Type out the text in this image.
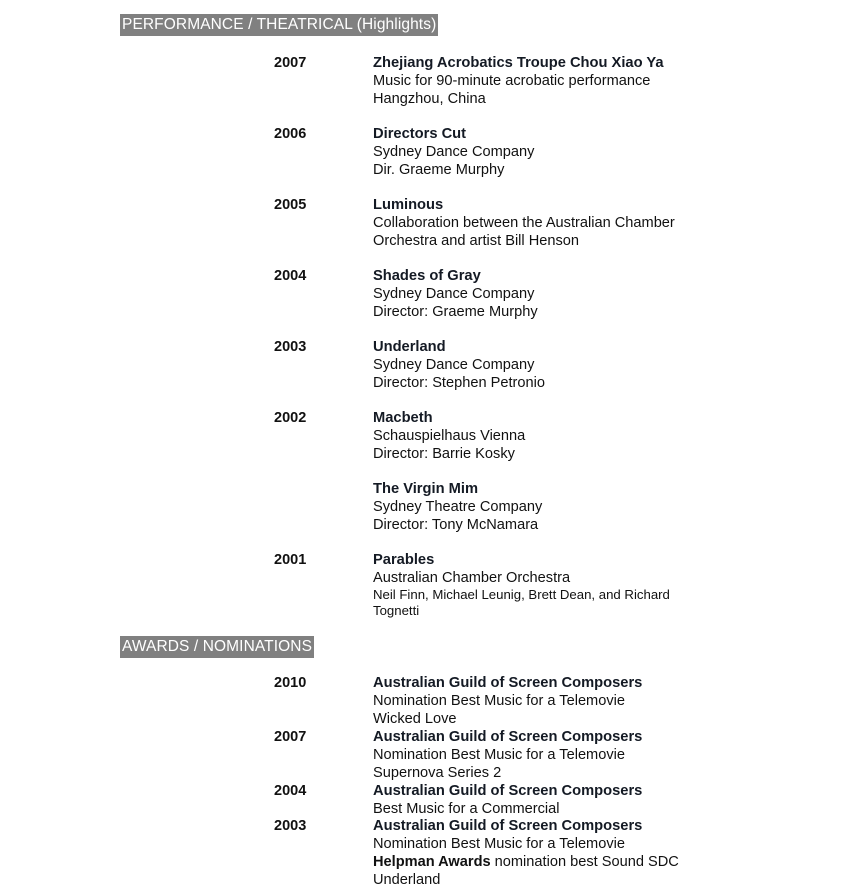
PERFORMANCE / THEATRICAL (Highlights)
2007	Zhejiang Acrobatics Troupe Chou Xiao Ya
Music for 90-minute acrobatic performance
Hangzhou, China
2006	Directors Cut
Sydney Dance Company
Dir. Graeme Murphy
2005	Luminous
Collaboration between the Australian Chamber
Orchestra and artist Bill Henson
2004	Shades of Gray
Sydney Dance Company
Director: Graeme Murphy
2003	Underland
Sydney Dance Company
Director: Stephen Petronio
2002	Macbeth
Schauspielhaus Vienna
Director: Barrie Kosky
The Virgin Mim
Sydney Theatre Company
Director: Tony McNamara
2001	Parables
Australian Chamber Orchestra
Neil Finn, Michael Leunig, Brett Dean, and Richard Tognetti
AWARDS / NOMINATIONS
2010	Australian Guild of Screen Composers
Nomination Best Music for a Telemovie
Wicked Love
2007	Australian Guild of Screen Composers
Nomination Best Music for a Telemovie
Supernova Series 2
2004	Australian Guild of Screen Composers
Best Music for a Commercial
2003	Australian Guild of Screen Composers
Nomination Best Music for a Telemovie
Helpman Awards nomination best Sound SDC
Underland
